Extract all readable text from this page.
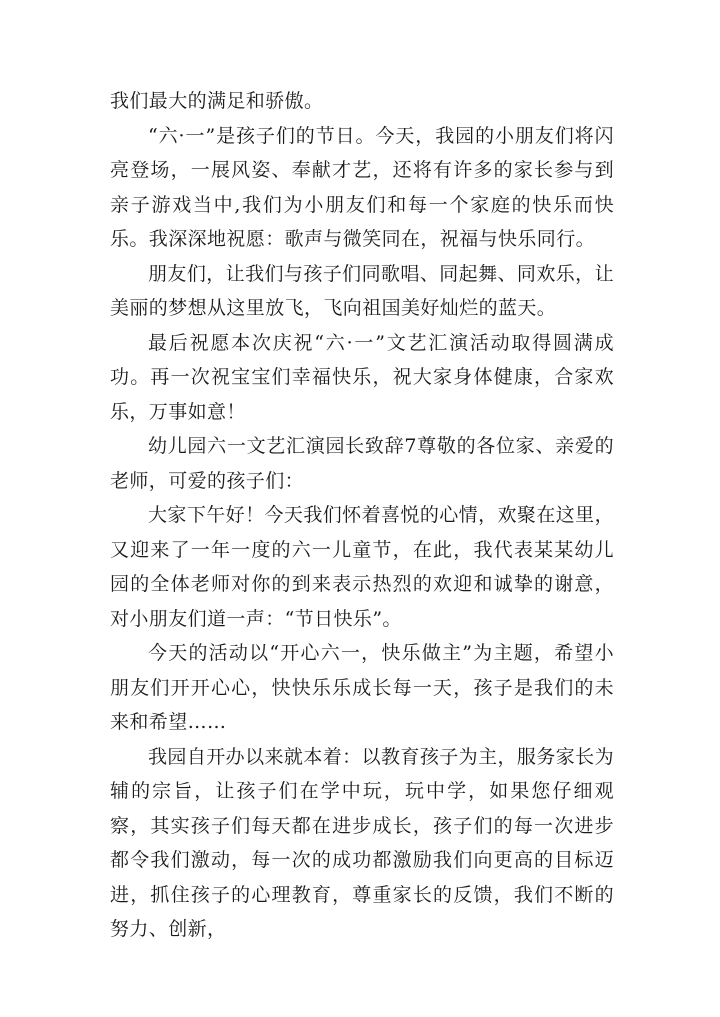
我们最大的满足和骄傲。

“六·一”是孩子们的节日。今天，我园的小朋友们将闪亮登场，一展风姿、奉献才艺，还将有许多的家长参与到亲子游戏当中,我们为小朋友们和每一个家庭的快乐而快乐。我深深地祝愿：歌声与微笑同在，祝福与快乐同行。

朋友们，让我们与孩子们同歌唱、同起舞、同欢乐，让美丽的梦想从这里放飞，飞向祖国美好灿烂的蓝天。

最后祝愿本次庆祝“六·一”文艺汇演活动取得圆满成功。再一次祝宝宝们幸福快乐，祝大家身体健康，合家欢乐，万事如意！

幼儿园六一文艺汇演园长致辞7尊敬的各位家、亲爱的老师，可爱的孩子们：

大家下午好！今天我们怀着喜悦的心情，欢聚在这里，又迎来了一年一度的六一儿童节，在此，我代表某某幼儿园的全体老师对你的到来表示热烈的欢迎和诚挚的谢意，对小朋友们道一声：“节日快乐”。

今天的活动以“开心六一，快乐做主”为主题，希望小朋友们开开心心，快快乐乐成长每一天，孩子是我们的未来和希望……

我园自开办以来就本着：以教育孩子为主，服务家长为辅的宗旨，让孩子们在学中玩，玩中学，如果您仔细观察，其实孩子们每天都在进步成长，孩子们的每一次进步都令我们激动，每一次的成功都激励我们向更高的目标迈进，抓住孩子的心理教育，尊重家长的反馈，我们不断的努力、创新，
